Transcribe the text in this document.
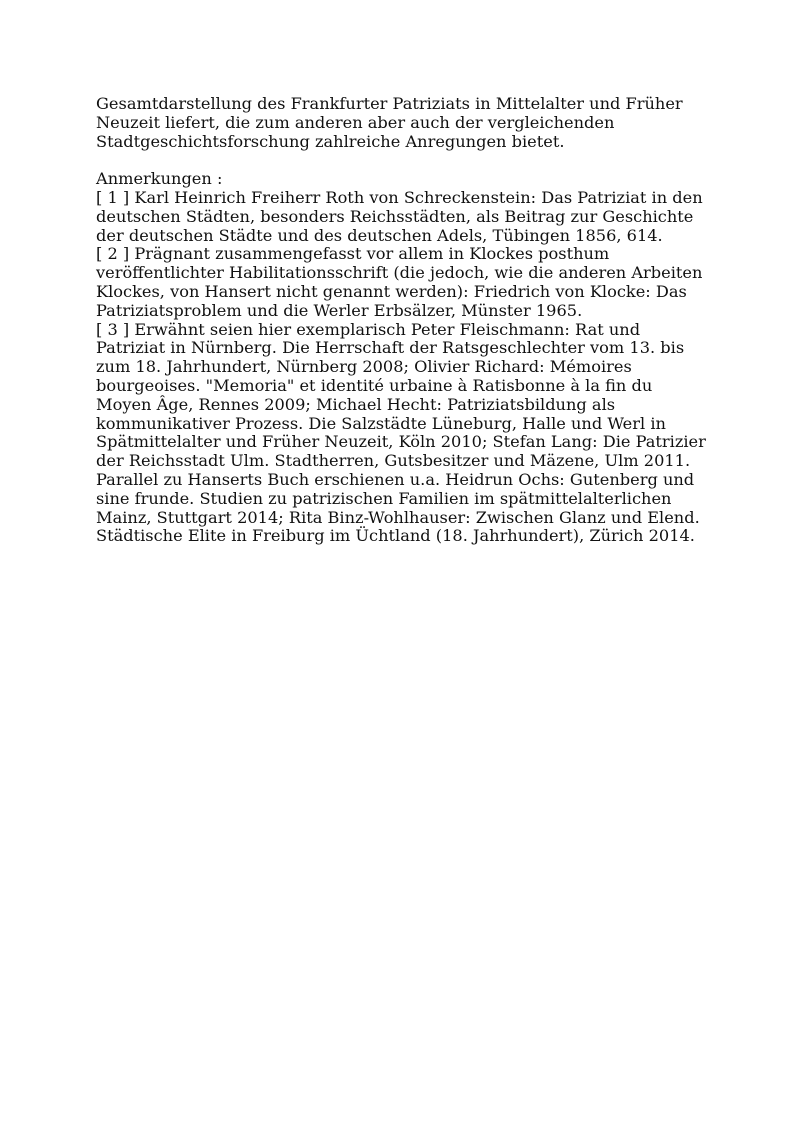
Gesamtdarstellung des Frankfurter Patriziats in Mittelalter und Früher Neuzeit liefert, die zum anderen aber auch der vergleichenden Stadtgeschichtsforschung zahlreiche Anregungen bietet.

Anmerkungen :

[ 1 ] Karl Heinrich Freiherr Roth von Schreckenstein: Das Patriziat in den deutschen Städten, besonders Reichsstädten, als Beitrag zur Geschichte der deutschen Städte und des deutschen Adels, Tübingen 1856, 614.

[ 2 ] Prägnant zusammengefasst vor allem in Klockes posthum veröffentlichter Habilitationsschrift (die jedoch, wie die anderen Arbeiten Klockes, von Hansert nicht genannt werden): Friedrich von Klocke: Das Patriziatsproblem und die Werler Erbsälzer, Münster 1965.

[ 3 ] Erwähnt seien hier exemplarisch Peter Fleischmann: Rat und Patriziat in Nürnberg. Die Herrschaft der Ratsgeschlechter vom 13. bis zum 18. Jahrhundert, Nürnberg 2008; Olivier Richard: Mémoires bourgeoises. "Memoria" et identité urbaine à Ratisbonne à la fin du Moyen Âge, Rennes 2009; Michael Hecht: Patriziatsbildung als kommunikativer Prozess. Die Salzstädte Lüneburg, Halle und Werl in Spätmittelalter und Früher Neuzeit, Köln 2010; Stefan Lang: Die Patrizier der Reichsstadt Ulm. Stadtherren, Gutsbesitzer und Mäzene, Ulm 2011. Parallel zu Hanserts Buch erschienen u.a. Heidrun Ochs: Gutenberg und sine frunde. Studien zu patrizischen Familien im spätmittelalterlichen Mainz, Stuttgart 2014; Rita Binz-Wohlhauser: Zwischen Glanz und Elend. Städtische Elite in Freiburg im Üchtland (18. Jahrhundert), Zürich 2014.
